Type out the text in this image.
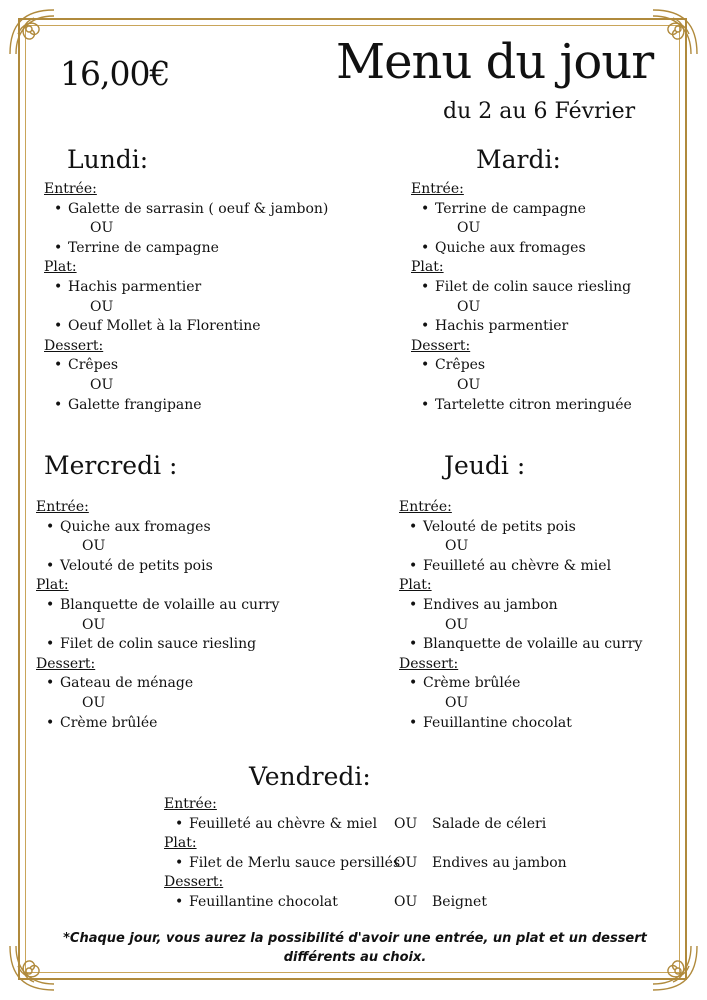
16,00€	Menu du jour
du 2 au 6 Février
Lundi:
Entrée:
• Galette de sarrasin ( oeuf & jambon)
OU
• Terrine de campagne
Plat:
• Hachis parmentier
OU
• Oeuf Mollet à la Florentine
Dessert:
• Crêpes
OU
• Galette frangipane
Mardi:
Entrée:
• Terrine de campagne
OU
• Quiche aux fromages
Plat:
• Filet de colin sauce riesling
OU
• Hachis parmentier
Dessert:
• Crêpes
OU
• Tartelette citron meringuée
Mercredi :
Entrée:
• Quiche aux fromages
OU
• Velouté de petits pois
Plat:
• Blanquette de volaille au curry
OU
• Filet de colin sauce riesling
Dessert:
• Gateau de ménage
OU
• Crème brûlée
Jeudi :
Entrée:
• Velouté de petits pois
OU
• Feuilleté au chèvre & miel
Plat:
• Endives au jambon
OU
• Blanquette de volaille au curry
Dessert:
• Crème brûlée
OU
• Feuillantine chocolat
Vendredi:
Entrée:
• Feuilleté au chèvre & miel OU Salade de céleri
Plat:
• Filet de Merlu sauce persillés
OU Endives au jambon
Dessert:
• Feuillantine chocolat	OU Beignet
*Chaque jour, vous aurez la possibilité d'avoir une entrée, un plat et un dessert différents au choix.
